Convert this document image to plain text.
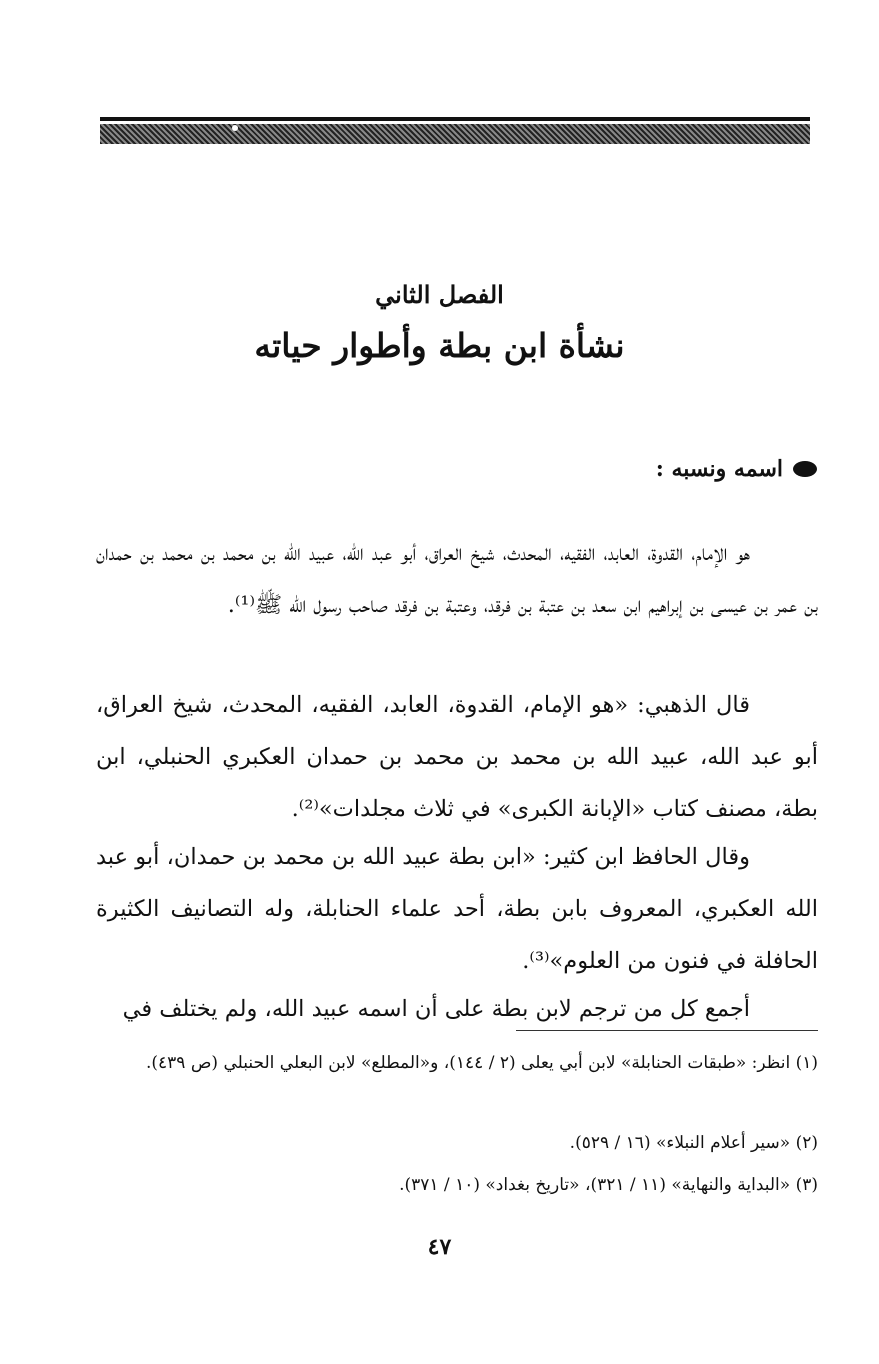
الفصل الثاني
نشأة ابن بطة وأطوار حياته
اسمه ونسبه :

هو الإمام، القدوة، العابد، الفقيه، المحدث، شيخ العراق، أبو عبد الله، عبيد الله بن محمد بن محمد بن حمدان بن عمر بن عيسى بن إبراهيم ابن سعد بن عتبة بن فرقد، وعتبة بن فرقد صاحب رسول الله ﷺ⁽¹⁾.

قال الذهبي: «هو الإمام، القدوة، العابد، الفقيه، المحدث، شيخ العراق، أبو عبد الله، عبيد الله بن محمد بن محمد بن حمدان العكبري الحنبلي، ابن بطة، مصنف كتاب «الإبانة الكبرى» في ثلاث مجلدات»⁽²⁾.

وقال الحافظ ابن كثير: «ابن بطة عبيد الله بن محمد بن حمدان، أبو عبد الله العكبري، المعروف بابن بطة، أحد علماء الحنابلة، وله التصانيف الكثيرة الحافلة في فنون من العلوم»⁽³⁾.

أجمع كل من ترجم لابن بطة على أن اسمه عبيد الله، ولم يختلف في

(١) انظر: «طبقات الحنابلة» لابن أبي يعلى (٢ / ١٤٤)، و«المطلع» لابن البعلي الحنبلي (ص ٤٣٩).
(٢) «سير أعلام النبلاء» (١٦ / ٥٢٩).
(٣) «البداية والنهاية» (١١ / ٣٢١)، «تاريخ بغداد» (١٠ / ٣٧١).
٤٧
